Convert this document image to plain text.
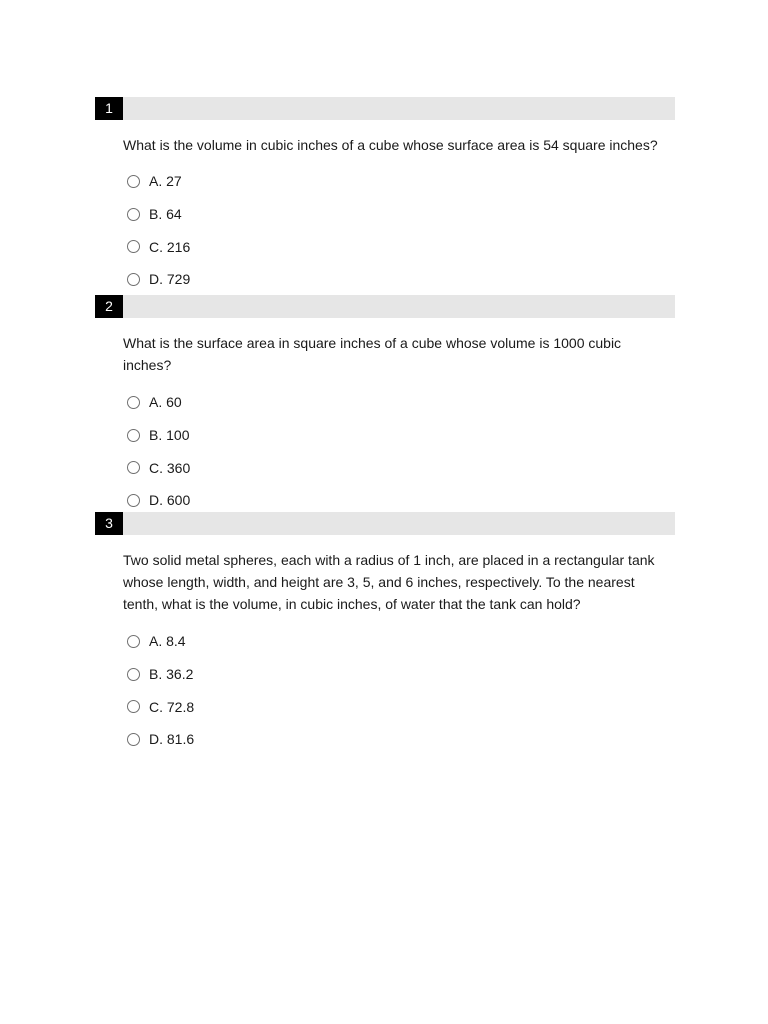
1
What is the volume in cubic inches of a cube whose surface area is 54 square inches?
A. 27
B. 64
C. 216
D. 729
2
What is the surface area in square inches of a cube whose volume is 1000 cubic inches?
A. 60
B. 100
C. 360
D. 600
3
Two solid metal spheres, each with a radius of 1 inch, are placed in a rectangular tank whose length, width, and height are 3, 5, and 6 inches, respectively. To the nearest tenth, what is the volume, in cubic inches, of water that the tank can hold?
A. 8.4
B. 36.2
C. 72.8
D. 81.6
